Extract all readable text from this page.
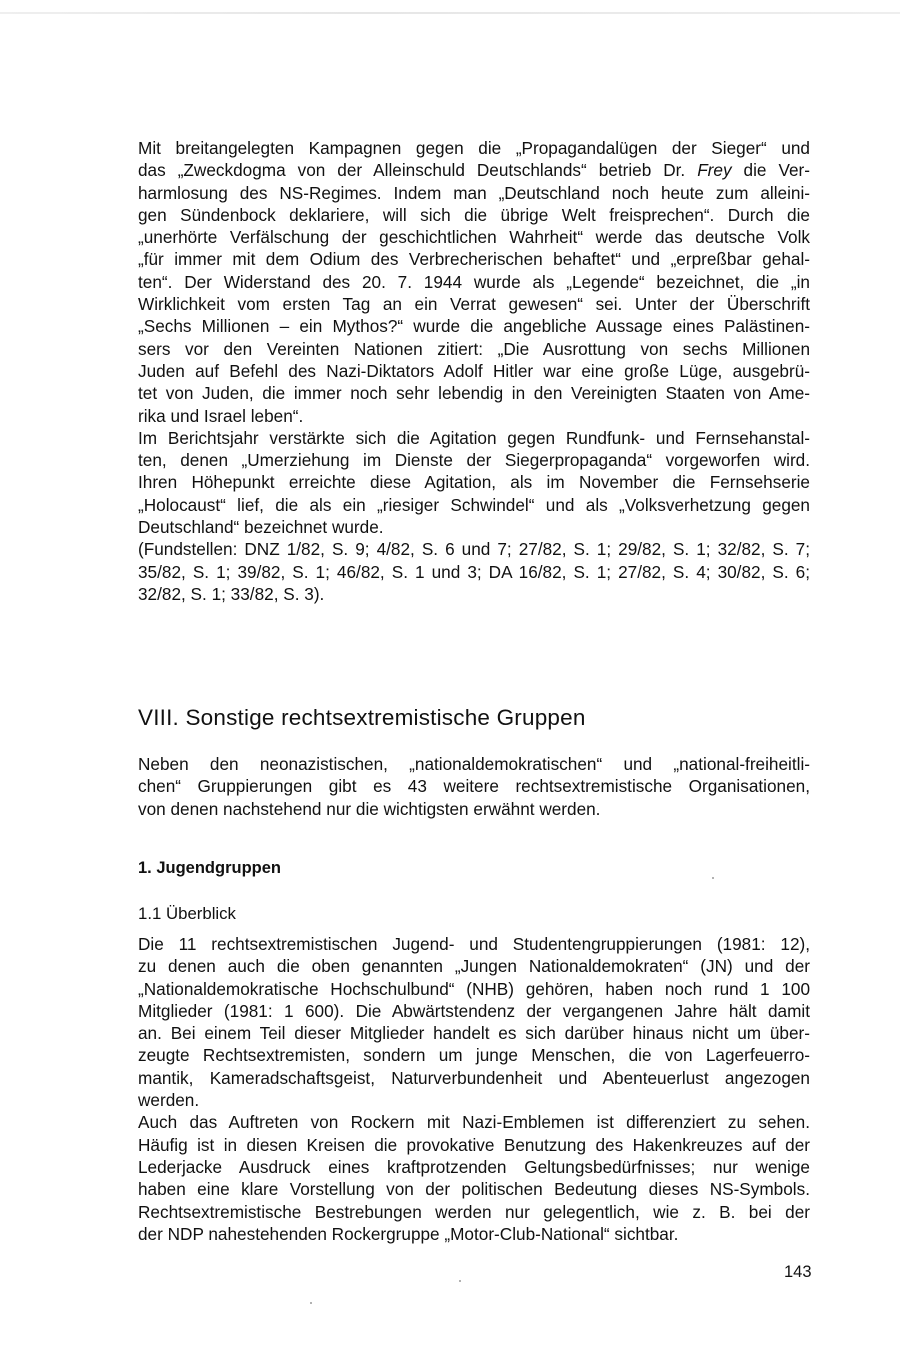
Mit breitangelegten Kampagnen gegen die „Propagandalügen der Sieger“ und
das „Zweckdogma von der Alleinschuld Deutschlands“ betrieb Dr. Frey die Ver-
harmlosung des NS-Regimes. Indem man „Deutschland noch heute zum alleini-
gen Sündenbock deklariere, will sich die übrige Welt freisprechen“. Durch die
„unerhörte Verfälschung der geschichtlichen Wahrheit“ werde das deutsche Volk
„für immer mit dem Odium des Verbrecherischen behaftet“ und „erpreßbar gehal-
ten“. Der Widerstand des 20. 7. 1944 wurde als „Legende“ bezeichnet, die „in
Wirklichkeit vom ersten Tag an ein Verrat gewesen“ sei. Unter der Überschrift
„Sechs Millionen – ein Mythos?“ wurde die angebliche Aussage eines Palästinen-
sers vor den Vereinten Nationen zitiert: „Die Ausrottung von sechs Millionen
Juden auf Befehl des Nazi-Diktators Adolf Hitler war eine große Lüge, ausgebrü-
tet von Juden, die immer noch sehr lebendig in den Vereinigten Staaten von Ame-
rika und Israel leben“.
Im Berichtsjahr verstärkte sich die Agitation gegen Rundfunk- und Fernsehanstal-
ten, denen „Umerziehung im Dienste der Siegerpropaganda“ vorgeworfen wird.
Ihren Höhepunkt erreichte diese Agitation, als im November die Fernsehserie
„Holocaust“ lief, die als ein „riesiger Schwindel“ und als „Volksverhetzung gegen
Deutschland“ bezeichnet wurde.
(Fundstellen: DNZ 1/82, S. 9; 4/82, S. 6 und 7; 27/82, S. 1; 29/82, S. 1; 32/82, S. 7;
35/82, S. 1; 39/82, S. 1; 46/82, S. 1 und 3; DA 16/82, S. 1; 27/82, S. 4; 30/82, S. 6;
32/82, S. 1; 33/82, S. 3).
VIII. Sonstige rechtsextremistische Gruppen
Neben den neonazistischen, „nationaldemokratischen“ und „national-freiheitli-
chen“ Gruppierungen gibt es 43 weitere rechtsextremistische Organisationen,
von denen nachstehend nur die wichtigsten erwähnt werden.
1. Jugendgruppen
1.1 Überblick
Die 11 rechtsextremistischen Jugend- und Studentengruppierungen (1981: 12),
zu denen auch die oben genannten „Jungen Nationaldemokraten“ (JN) und der
„Nationaldemokratische Hochschulbund“ (NHB) gehören, haben noch rund 1 100
Mitglieder (1981: 1 600). Die Abwärtstendenz der vergangenen Jahre hält damit
an. Bei einem Teil dieser Mitglieder handelt es sich darüber hinaus nicht um über-
zeugte Rechtsextremisten, sondern um junge Menschen, die von Lagerfeuerro-
mantik, Kameradschaftsgeist, Naturverbundenheit und Abenteuerlust angezogen
werden.
Auch das Auftreten von Rockern mit Nazi-Emblemen ist differenziert zu sehen.
Häufig ist in diesen Kreisen die provokative Benutzung des Hakenkreuzes auf der
Lederjacke Ausdruck eines kraftprotzenden Geltungsbedürfnisses; nur wenige
haben eine klare Vorstellung von der politischen Bedeutung dieses NS-Symbols.
Rechtsextremistische Bestrebungen werden nur gelegentlich, wie z. B. bei der
der NDP nahestehenden Rockergruppe „Motor-Club-National“ sichtbar.

143
